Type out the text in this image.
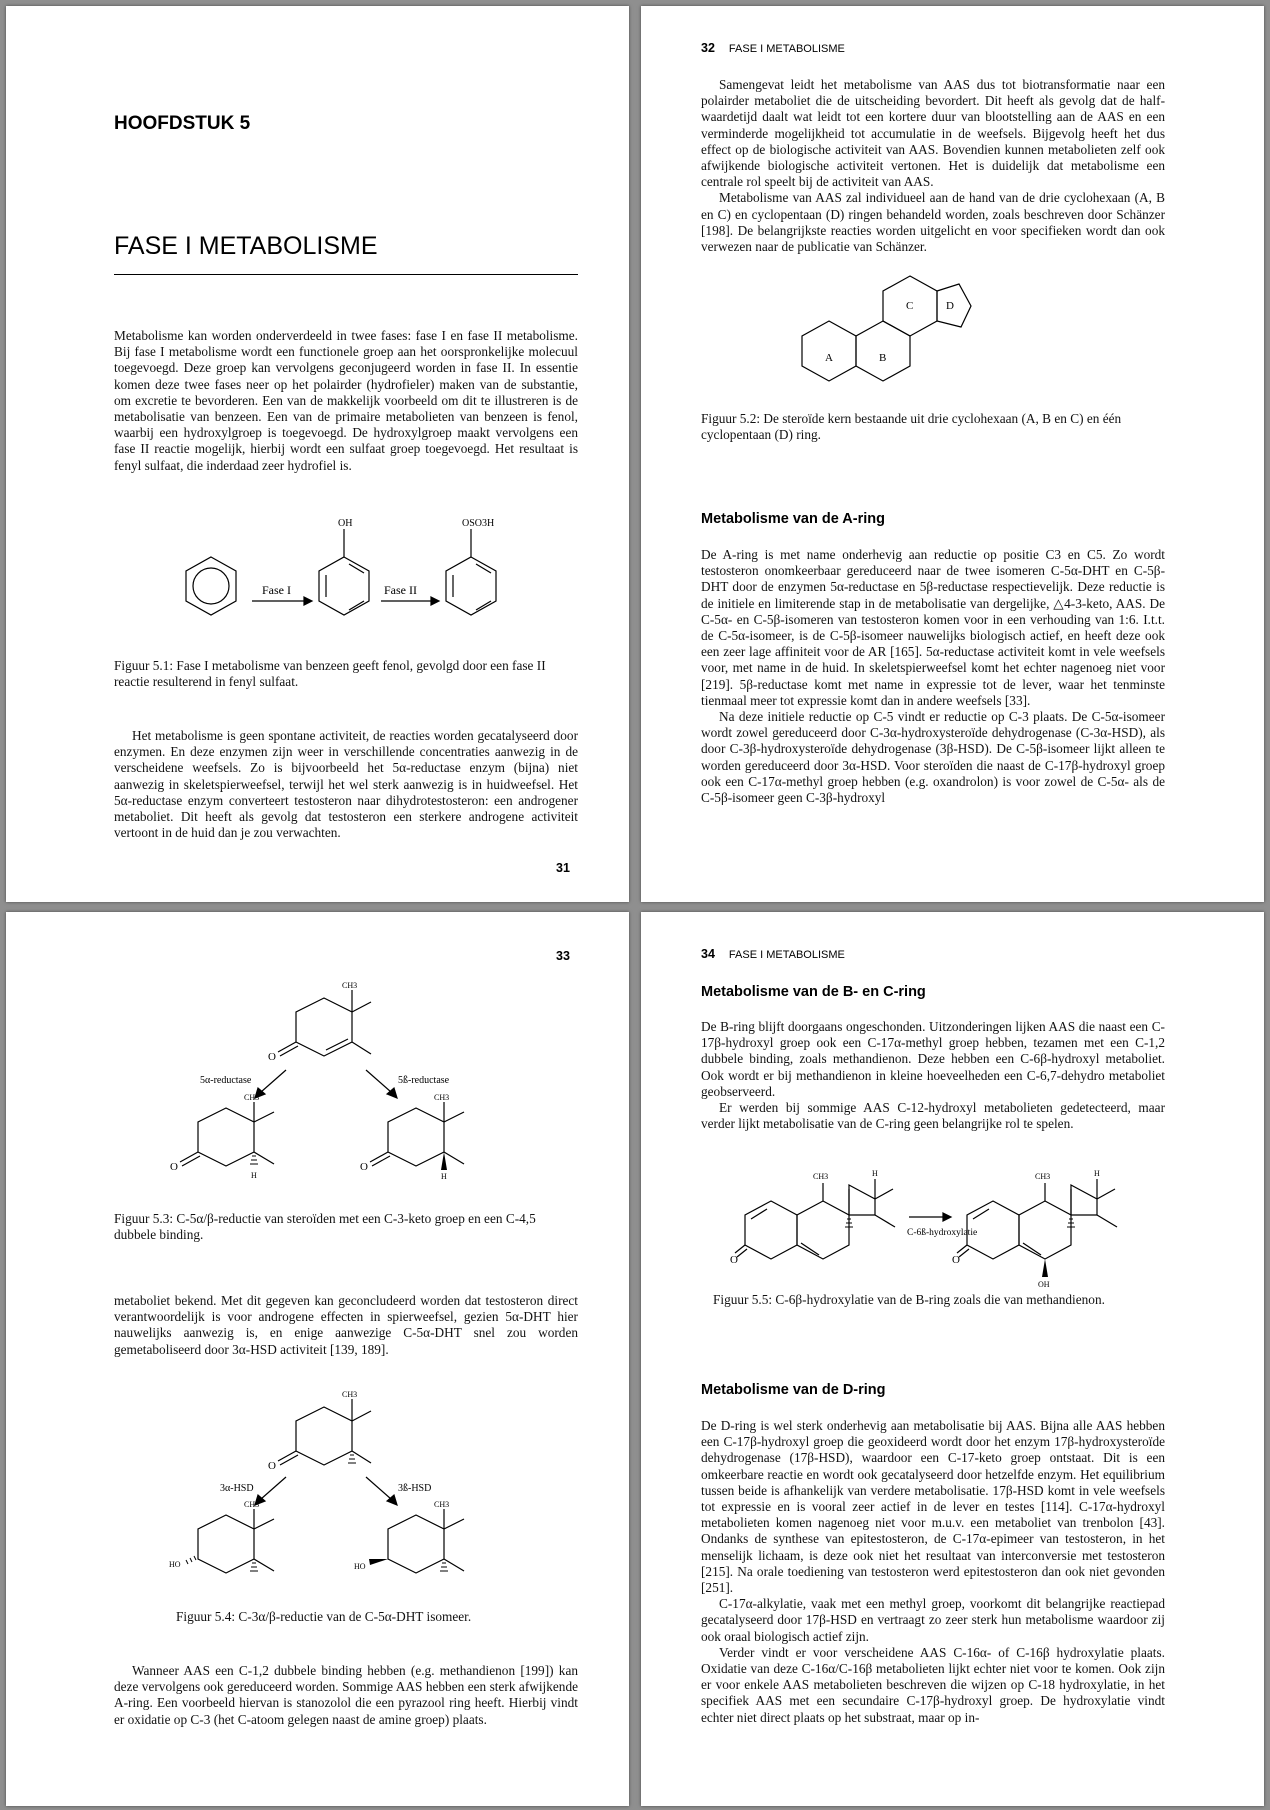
HOOFDSTUK 5
FASE I METABOLISME

Metabolisme kan worden onderverdeeld in twee fases: fase I en fase II metabolisme. Bij fase I metabolisme wordt een functionele groep aan het oorspronkelijke molecuul toegevoegd. Deze groep kan vervolgens geconjugeerd worden in fase II. In essentie komen deze twee fases neer op het polairder (hydrofieler) maken van de substantie, om excretie te bevorderen. Een van de makkelijk voorbeeld om dit te illustreren is de metabolisatie van benzeen. Een van de primaire metabolieten van benzeen is fenol, waarbij een hydroxylgroep is toegevoegd. De hydroxylgroep maakt vervolgens een fase II reactie mogelijk, hierbij wordt een sulfaat groep toegevoegd. Het resultaat is fenyl sulfaat, die inderdaad zeer hydrofiel is.

OH	OSO3H
Fase I	Fase II
Figuur 5.1: Fase I metabolisme van benzeen geeft fenol, gevolgd door een fase II reactie resulterend in fenyl sulfaat.

Het metabolisme is geen spontane activiteit, de reacties worden gecatalyseerd door enzymen. En deze enzymen zijn weer in verschillende concentraties aanwezig in de verscheidene weefsels. Zo is bijvoorbeeld het 5α-reductase enzym (bijna) niet aanwezig in skeletspierweefsel, terwijl het wel sterk aanwezig is in huidweefsel. Het 5α-reductase enzym converteert testosteron naar dihydrotestosteron: een androgener metaboliet. Dit heeft als gevolg dat testosteron een sterkere androgene activiteit vertoont in de huid dan je zou verwachten.

31
32 FASE I METABOLISME

Samengevat leidt het metabolisme van AAS dus tot biotransformatie naar een polairder metaboliet die de uitscheiding bevordert. Dit heeft als gevolg dat de half-waardetijd daalt wat leidt tot een kortere duur van blootstelling aan de AAS en een verminderde mogelijkheid tot accumulatie in de weefsels. Bijgevolg heeft het dus effect op de biologische activiteit van AAS. Bovendien kunnen metabolieten zelf ook afwijkende biologische activiteit vertonen. Het is duidelijk dat metabolisme een centrale rol speelt bij de activiteit van AAS.

Metabolisme van AAS zal individueel aan de hand van de drie cyclohexaan (A, B en C) en cyclopentaan (D) ringen behandeld worden, zoals beschreven door Schänzer [198]. De belangrijkste reacties worden uitgelicht en voor specifieken wordt dan ook verwezen naar de publicatie van Schänzer.

A	B
C	D
Figuur 5.2: De steroïde kern bestaande uit drie cyclohexaan (A, B en C) en één cyclopentaan (D) ring.
Metabolisme van de A-ring

De A-ring is met name onderhevig aan reductie op positie C3 en C5. Zo wordt testosteron onomkeerbaar gereduceerd naar de twee isomeren C-5α-DHT en C-5β-DHT door de enzymen 5α-reductase en 5β-reductase respectievelijk. Deze reductie is de initiele en limiterende stap in de metabolisatie van dergelijke, △4-3-keto, AAS. De C-5α- en C-5β-isomeren van testosteron komen voor in een verhouding van 1:6. I.t.t. de C-5α-isomeer, is de C-5β-isomeer nauwelijks biologisch actief, en heeft deze ook een zeer lage affiniteit voor de AR [165]. 5α-reductase activiteit komt in vele weefsels voor, met name in de huid. In skeletspierweefsel komt het echter nagenoeg niet voor [219]. 5β-reductase komt met name in expressie tot de lever, waar het tenminste tienmaal meer tot expressie komt dan in andere weefsels [33].

Na deze initiele reductie op C-5 vindt er reductie op C-3 plaats. De C-5α-isomeer wordt zowel gereduceerd door C-3α-hydroxysteroïde dehydrogenase (C-3α-HSD), als door C-3β-hydroxysteroïde dehydrogenase (3β-HSD). De C-5β-isomeer lijkt alleen te worden gereduceerd door 3α-HSD. Voor steroïden die naast de C-17β-hydroxyl groep ook een C-17α-methyl groep hebben (e.g. oxandrolon) is voor zowel de C-5α- als de C-5β-isomeer geen C-3β-hydroxyl

33
CH3
CH3	CH3
5α-reductase	5ß-reductase
H	H
O	O
O
Figuur 5.3: C-5α/β-reductie van steroïden met een C-3-keto groep en een C-4,5 dubbele binding.
metaboliet bekend. Met dit gegeven kan geconcludeerd worden dat testosteron direct verantwoordelijk is voor androgene effecten in spierweefsel, gezien 5α-DHT hier nauwelijks aanwezig is, en enige aanwezige C-5α-DHT snel zou worden gemetaboliseerd door 3α-HSD activiteit [139, 189].
CH3
CH3	CH3
3α-HSD	3ß-HSD
HO	HO
O
Figuur 5.4: C-3α/β-reductie van de C-5α-DHT isomeer.

Wanneer AAS een C-1,2 dubbele binding hebben (e.g. methandienon [199]) kan deze vervolgens ook gereduceerd worden. Sommige AAS hebben een sterk afwijkende A-ring. Een voorbeeld hiervan is stanozolol die een pyrazool ring heeft. Hierbij vindt er oxidatie op C-3 (het C-atoom gelegen naast de amine groep) plaats.

34 FASE I METABOLISME
Metabolisme van de B- en C-ring

De B-ring blijft doorgaans ongeschonden. Uitzonderingen lijken AAS die naast een C-17β-hydroxyl groep ook een C-17α-methyl groep hebben, tezamen met een C-1,2 dubbele binding, zoals methandienon. Deze hebben een C-6β-hydroxyl metaboliet. Ook wordt er bij methandienon in kleine hoeveelheden een C-6,7-dehydro metaboliet geobserveerd.

Er werden bij sommige AAS C-12-hydroxyl metabolieten gedetecteerd, maar verder lijkt metabolisatie van de C-ring geen belangrijke rol te spelen.

CH3	CH3
H	H
C-6ß-hydroxylatie
OH
O	O
Figuur 5.5: C-6β-hydroxylatie van de B-ring zoals die van methandienon.
Metabolisme van de D-ring

De D-ring is wel sterk onderhevig aan metabolisatie bij AAS. Bijna alle AAS hebben een C-17β-hydroxyl groep die geoxideerd wordt door het enzym 17β-hydroxysteroïde dehydrogenase (17β-HSD), waardoor een C-17-keto groep ontstaat. Dit is een omkeerbare reactie en wordt ook gecatalyseerd door hetzelfde enzym. Het equilibrium tussen beide is afhankelijk van verdere metabolisatie. 17β-HSD komt in vele weefsels tot expressie en is vooral zeer actief in de lever en testes [114]. C-17α-hydroxyl metabolieten komen nagenoeg niet voor m.u.v. een metaboliet van trenbolon [43]. Ondanks de synthese van epitestosteron, de C-17α-epimeer van testosteron, in het menselijk lichaam, is deze ook niet het resultaat van interconversie met testosteron [215]. Na orale toediening van testosteron werd epitestosteron dan ook niet gevonden [251].

C-17α-alkylatie, vaak met een methyl groep, voorkomt dit belangrijke reactiepad gecatalyseerd door 17β-HSD en vertraagt zo zeer sterk hun metabolisme waardoor zij ook oraal biologisch actief zijn.

Verder vindt er voor verscheidene AAS C-16α- of C-16β hydroxylatie plaats. Oxidatie van deze C-16α/C-16β metabolieten lijkt echter niet voor te komen. Ook zijn er voor enkele AAS metabolieten beschreven die wijzen op C-18 hydroxylatie, in het specifiek AAS met een secundaire C-17β-hydroxyl groep. De hydroxylatie vindt echter niet direct plaats op het substraat, maar op in-
